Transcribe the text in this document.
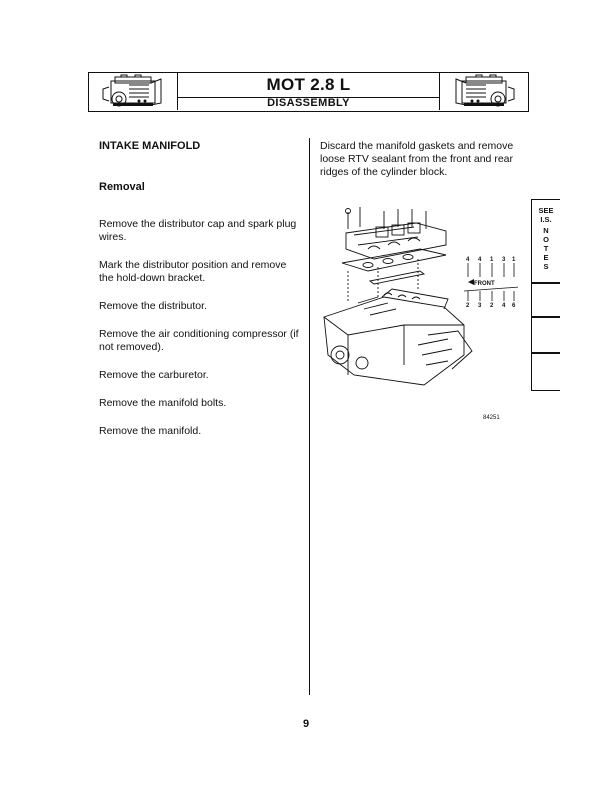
MOT 2.8 L
DISASSEMBLY
INTAKE MANIFOLD
Removal

Remove the distributor cap and spark plug wires.

Mark the distributor position and remove the hold-down bracket.

Remove the distributor.

Remove the air conditioning compressor (if not removed).

Remove the carburetor.

Remove the manifold bolts.

Remove the manifold.

Discard the manifold gaskets and remove loose RTV sealant from the front and rear ridges of the cylinder block.

4 4 1 3 1
FRONT
2 3 2 4 6
84251
SEE
I.S.
N
O
T
E
S
9
